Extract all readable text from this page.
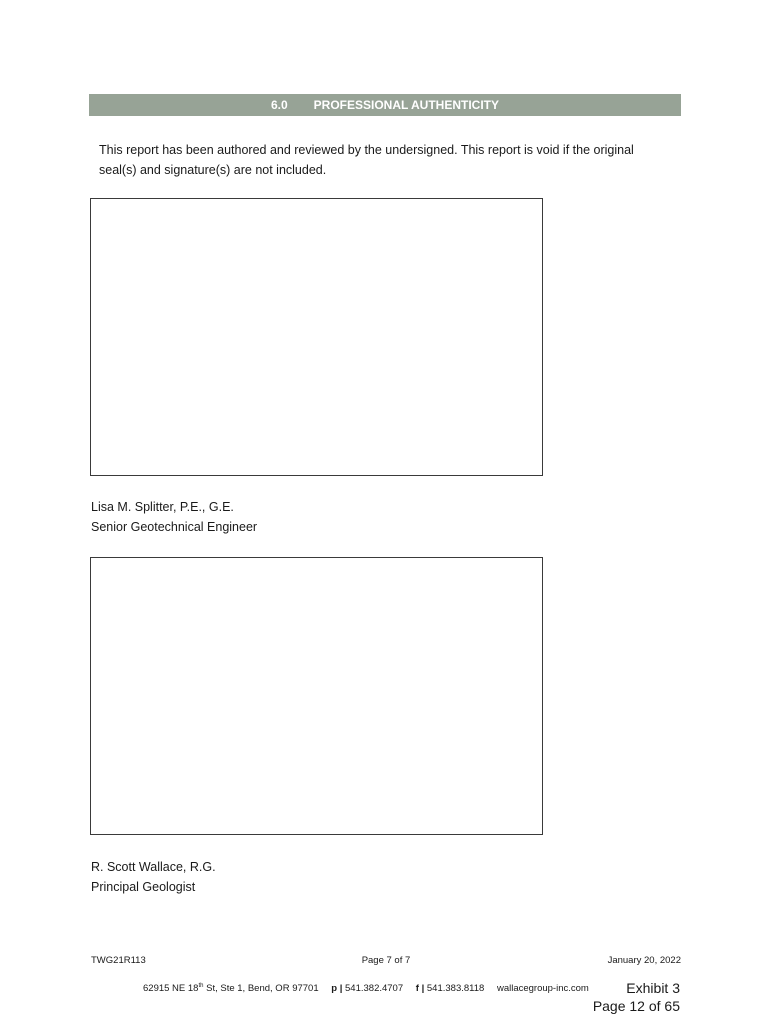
6.0 PROFESSIONAL AUTHENTICITY
This report has been authored and reviewed by the undersigned. This report is void if the original seal(s) and signature(s) are not included.
Lisa M. Splitter, P.E., G.E.
Senior Geotechnical Engineer
R. Scott Wallace, R.G.
Principal Geologist
TWG21R113	Page 7 of 7	January 20, 2022
62915 NE 18th St, Ste 1, Bend, OR 97701 p | 541.382.4707 f | 541.383.8118 wallacegroup-inc.com	Exhibit 3
Page 12 of 65
